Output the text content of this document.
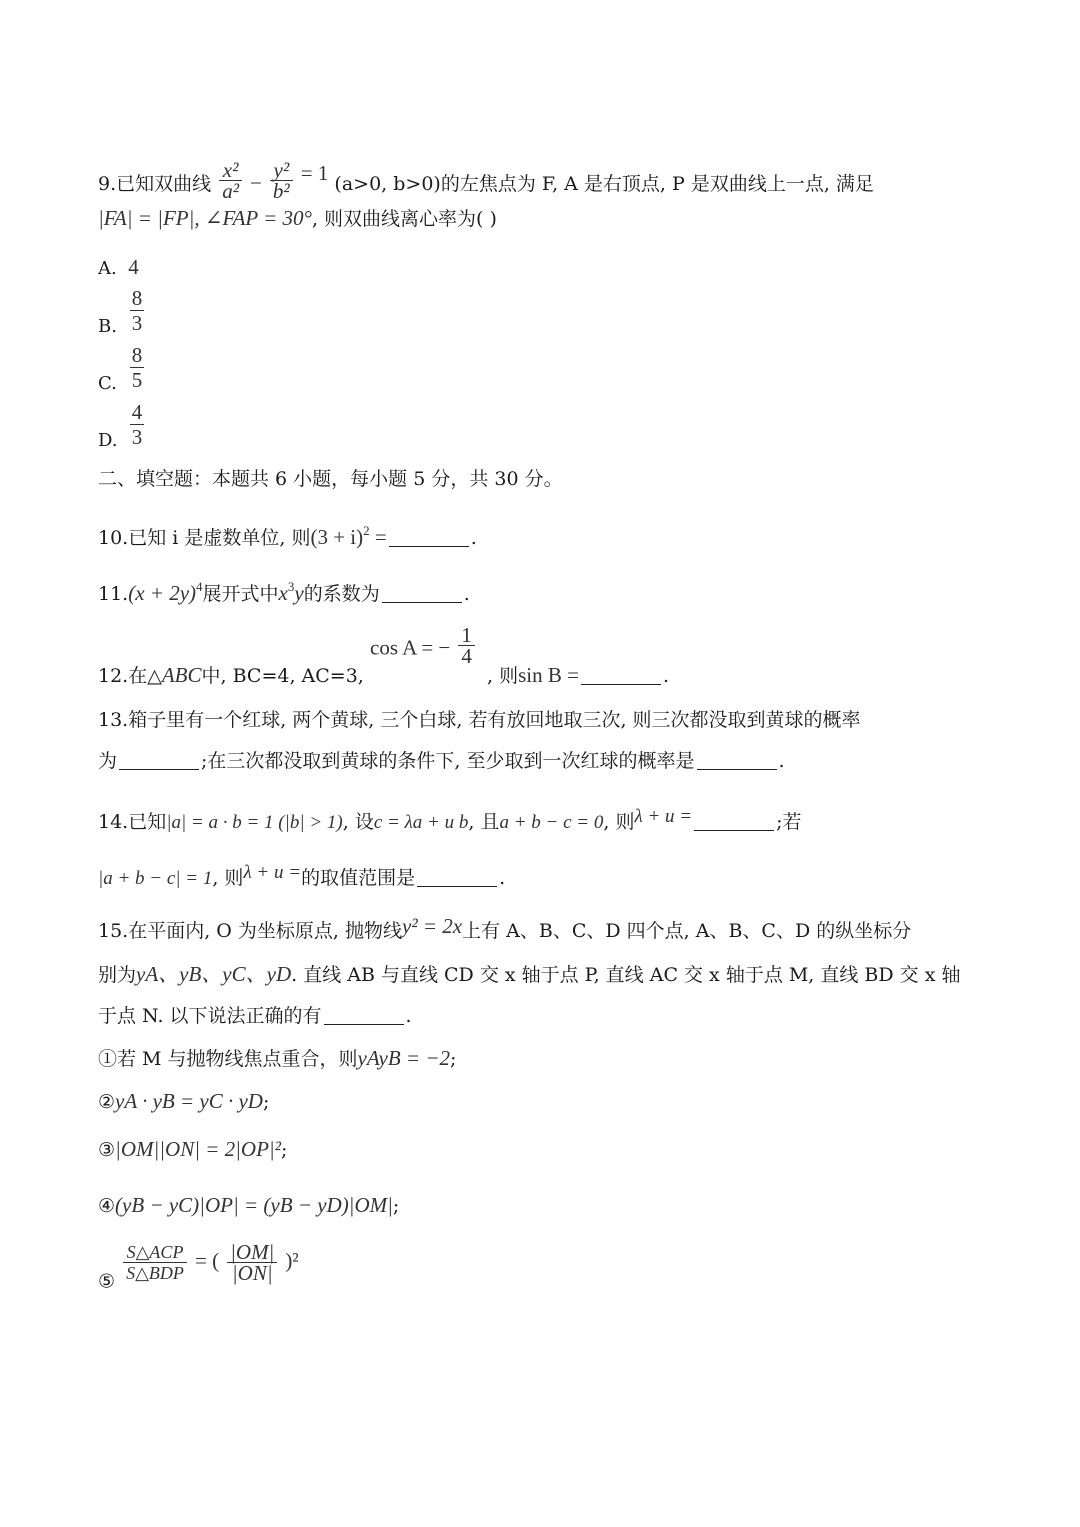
9.已知双曲线 $\frac{\text{x²}}{\text{a²}} - \frac{\text{y²}}{\text{b²}} = 1$ (a>0, b>0)的左焦点为 F, A 是右顶点, P 是双曲线上一点, 满足
|FA| = |FP|, ∠FAP = 30°, 则双曲线离心率为( )
A. 4
B. $\frac{8}{3}$
C. $\frac{8}{5}$
D. $\frac{4}{3}$
二、填空题：本题共 6 小题，每小题 5 分，共 30 分。
10.已知 i 是虚数单位, 则$(3 + i)^2$ =	.
$11.(x + 2y)^4$展开式中$x^3y$的系数为	.
12.在△ABC中, BC=4, AC=3,
cos A = − $\frac{1}{4}$
, 则sin B =	.
13.箱子里有一个红球, 两个黄球, 三个白球, 若有放回地取三次, 则三次都没取到黄球的概率
为	;在三次都没取到黄球的条件下, 至少取到一次红球的概率是	.
14.已知|a| = a · b = 1 (|b| > 1), 设c = λa + u b, 且a + b − c = 0, 则λ + u =	;若
|a + b − c| = 1, 则λ + u =的取值范围是	.
15.在平面内, O 为坐标原点, 抛物线y² = 2x上有 A、B、C、D 四个点, A、B、C、D 的纵坐标分
别为yA、yB、yC、yD. 直线 AB 与直线 CD 交 x 轴于点 P, 直线 AC 交 x 轴于点 M, 直线 BD 交 x 轴
于点 N. 以下说法正确的有	.
①若 M 与抛物线焦点重合，则yAyB = −2;
②yA · yB = yC · yD;
③|OM||ON| = 2|OP|²;
④(yB − yC)|OP| = (yB − yD)|OM|;
⑤ $\frac{\text{S△ACP}}{\text{S△BDP}}$ = ( $\frac{|OM|}{|ON|} )^2$
